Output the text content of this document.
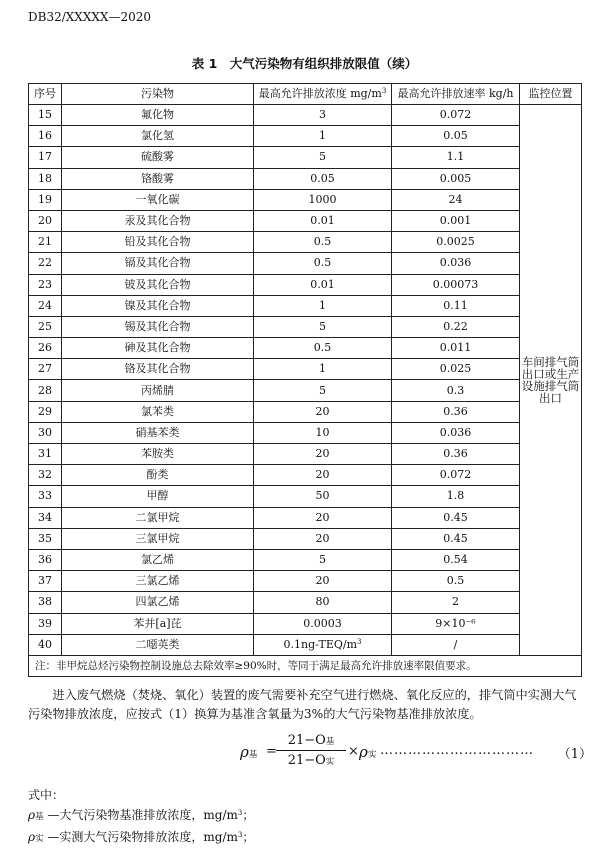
DB32/XXXXX—2020
表 1　大气污染物有组织排放限值（续）
序号	污染物	最高允许排放浓度 $mg/m^3$	最高允许排放速率 kg/h	监控位置
15	氟化物	3	0.072	车间排气筒出口或生产设施排气筒出口
16	氯化氢	1	0.05	
17	硫酸雾	5	1.1	
18	铬酸雾	0.05	0.005	
19	一氧化碳	1000	24	
20	汞及其化合物	0.01	0.001	
21	铅及其化合物	0.5	0.0025	
22	镉及其化合物	0.5	0.036	
23	铍及其化合物	0.01	0.00073	
24	镍及其化合物	1	0.11	
25	锡及其化合物	5	0.22	
26	砷及其化合物	0.5	0.011	
27	铬及其化合物	1	0.025	
28	丙烯腈	5	0.3	
29	氯苯类	20	0.36	
30	硝基苯类	10	0.036	
31	苯胺类	20	0.36	
32	酚类	20	0.072	
33	甲醇	50	1.8	
34	二氯甲烷	20	0.45	
35	三氯甲烷	20	0.45	
36	氯乙烯	5	0.54	
37	三氯乙烯	20	0.5	
38	四氯乙烯	80	2	
39	苯并[a]芘	0.0003	9×10⁻⁶	
40	二噁英类	$0.1ng-TEQ/m^3$	/	
注：非甲烷总烃污染物控制设施总去除效率≥90%时，等同于满足最高允许排放速率限值要求。				
进入废气燃烧（焚烧、氧化）装置的废气需要补充空气进行燃烧、氧化反应的，排气筒中实测大气污染物排放浓度，应按式（1）换算为基准含氧量为3%的大气污染物基准排放浓度。
ρ基 =
21−O基
21−O实
× ρ实 …………………………… （1）
式中：
ρ基 —大气污染物基准排放浓度，$mg/m^3$；
ρ实 —实测大气污染物排放浓度，$mg/m^3$；
